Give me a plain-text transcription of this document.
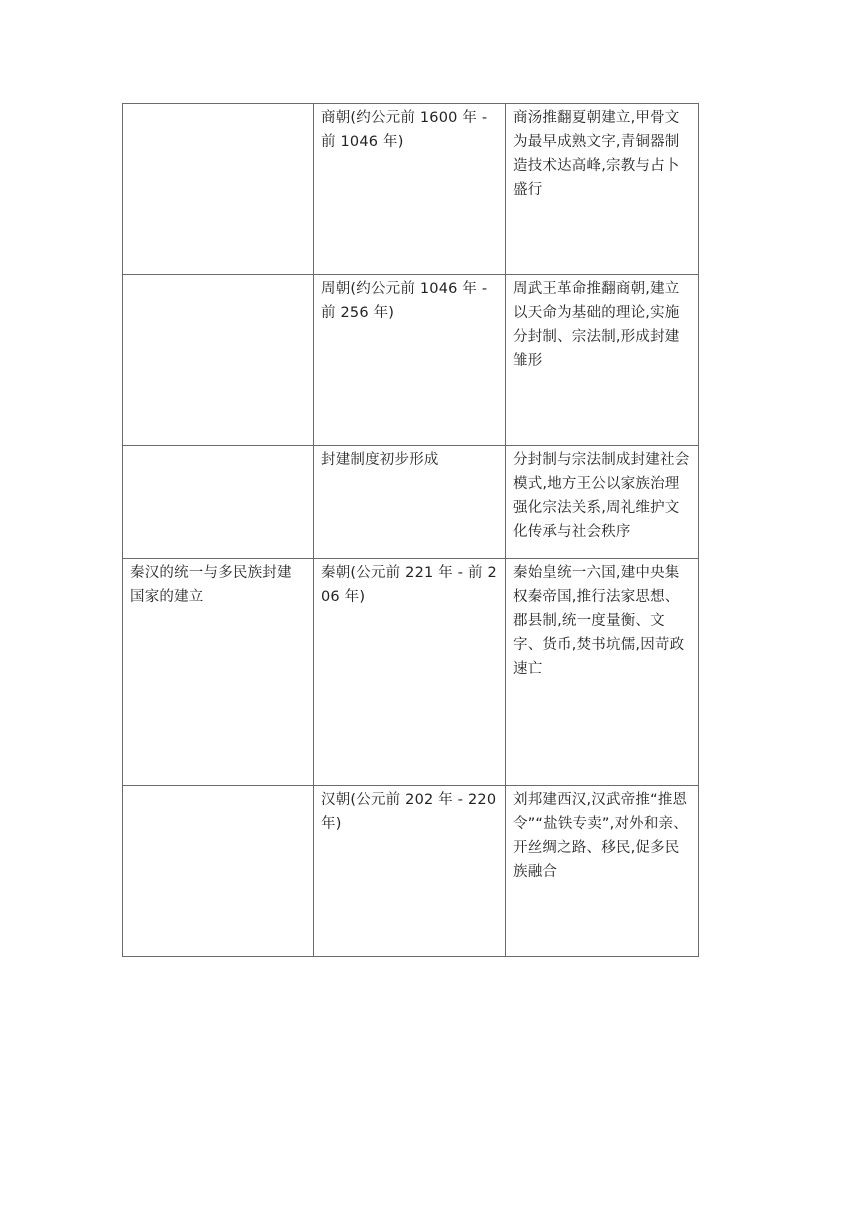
	商朝(约公元前 1600 年 - 前 1046 年)	商汤推翻夏朝建立,甲骨文为最早成熟文字,青铜器制造技术达高峰,宗教与占卜盛行
	周朝(约公元前 1046 年 - 前 256 年)	周武王革命推翻商朝,建立以天命为基础的理论,实施分封制、宗法制,形成封建雏形
	封建制度初步形成	分封制与宗法制成封建社会模式,地方王公以家族治理强化宗法关系,周礼维护文化传承与社会秩序
秦汉的统一与多民族封建国家的建立	秦朝(公元前 221 年 - 前 206 年)	秦始皇统一六国,建中央集权秦帝国,推行法家思想、郡县制,统一度量衡、文字、货币,焚书坑儒,因苛政速亡
	汉朝(公元前 202 年 - 220 年)	刘邦建西汉,汉武帝推“推恩令”“盐铁专卖”,对外和亲、开丝绸之路、移民,促多民族融合
